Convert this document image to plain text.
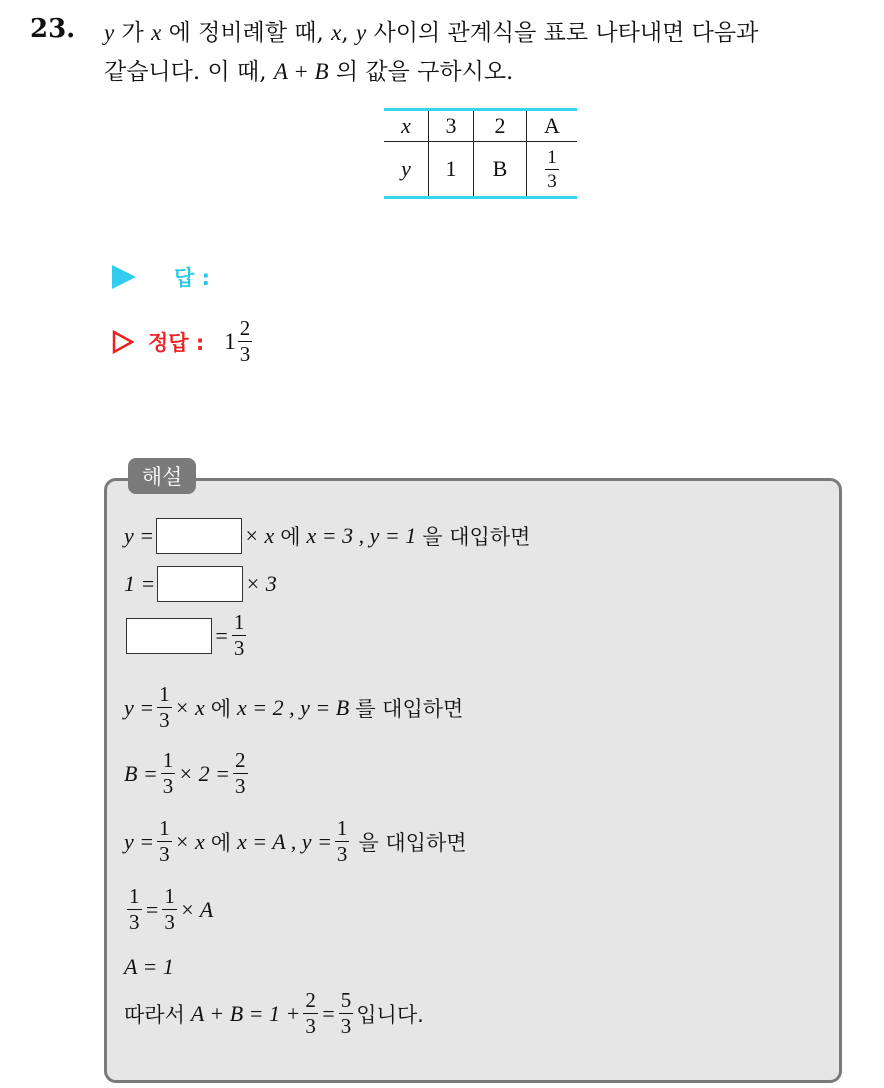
23. y 가 x 에 정비례할 때, x, y 사이의 관계식을 표로 나타내면 다음과
같습니다. 이 때, A + B 의 값을 구하시오.
x	3	2	A
y	1	B	$\frac{1}{3}$
답 :
정답 : $1 \frac{2}{3}$
해설
y =	× x 에 x = 3 , y = 1 을 대입하면
1 =	× 3
= $\frac{1}{3}$
$y = \frac{1}{3} \times x$ 에 x = 2 , y = B 를 대입하면
$B = \frac{1}{3} \times 2 = \frac{2}{3}$
$y = \frac{1}{3} \times x$ 에 x = A , $y = \frac{1}{3}$ 을 대입하면
$\frac{1}{3} = \frac{1}{3} \times A$
A = 1
따라서 $A + B = 1 + \frac{2}{3} = \frac{5}{3}$ 입니다.
